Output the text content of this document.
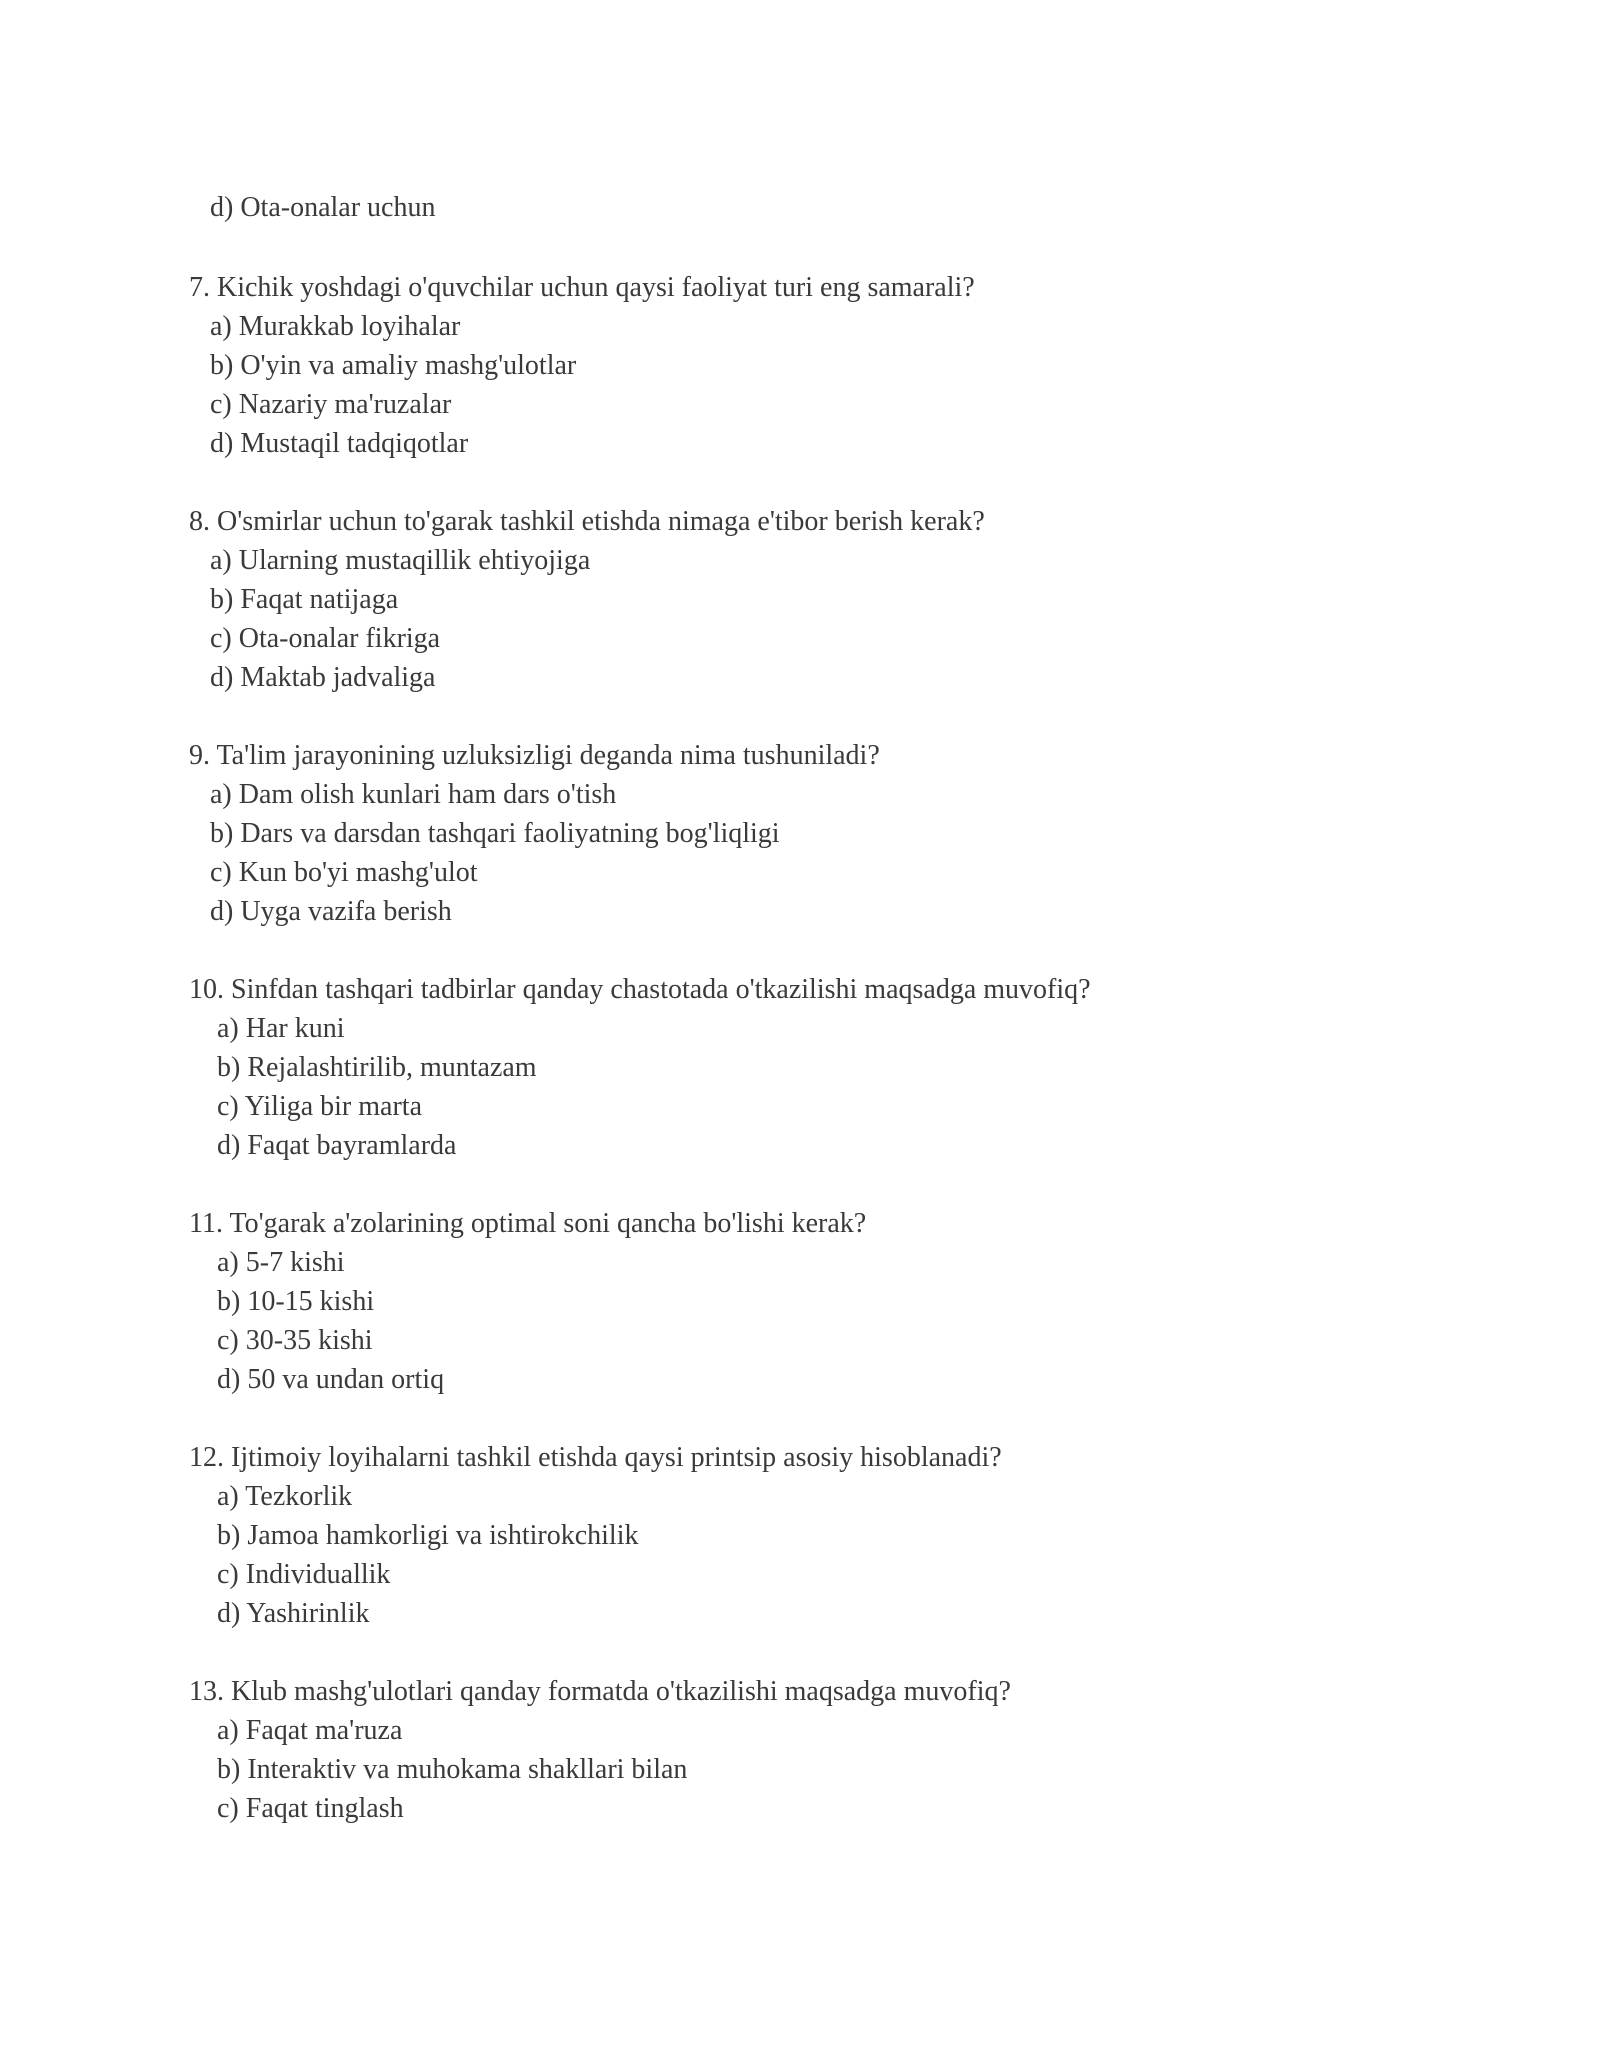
d) Ota-onalar uchun
7. Kichik yoshdagi o'quvchilar uchun qaysi faoliyat turi eng samarali?
a) Murakkab loyihalar
b) O'yin va amaliy mashg'ulotlar
c) Nazariy ma'ruzalar
d) Mustaqil tadqiqotlar
8. O'smirlar uchun to'garak tashkil etishda nimaga e'tibor berish kerak?
a) Ularning mustaqillik ehtiyojiga
b) Faqat natijaga
c) Ota-onalar fikriga
d) Maktab jadvaliga
9. Ta'lim jarayonining uzluksizligi deganda nima tushuniladi?
a) Dam olish kunlari ham dars o'tish
b) Dars va darsdan tashqari faoliyatning bog'liqligi
c) Kun bo'yi mashg'ulot
d) Uyga vazifa berish
10. Sinfdan tashqari tadbirlar qanday chastotada o'tkazilishi maqsadga muvofiq?
a) Har kuni
b) Rejalashtirilib, muntazam
c) Yiliga bir marta
d) Faqat bayramlarda
11. To'garak a'zolarining optimal soni qancha bo'lishi kerak?
a) 5-7 kishi
b) 10-15 kishi
c) 30-35 kishi
d) 50 va undan ortiq
12. Ijtimoiy loyihalarni tashkil etishda qaysi printsip asosiy hisoblanadi?
a) Tezkorlik
b) Jamoa hamkorligi va ishtirokchilik
c) Individuallik
d) Yashirinlik
13. Klub mashg'ulotlari qanday formatda o'tkazilishi maqsadga muvofiq?
a) Faqat ma'ruza
b) Interaktiv va muhokama shakllari bilan
c) Faqat tinglash
